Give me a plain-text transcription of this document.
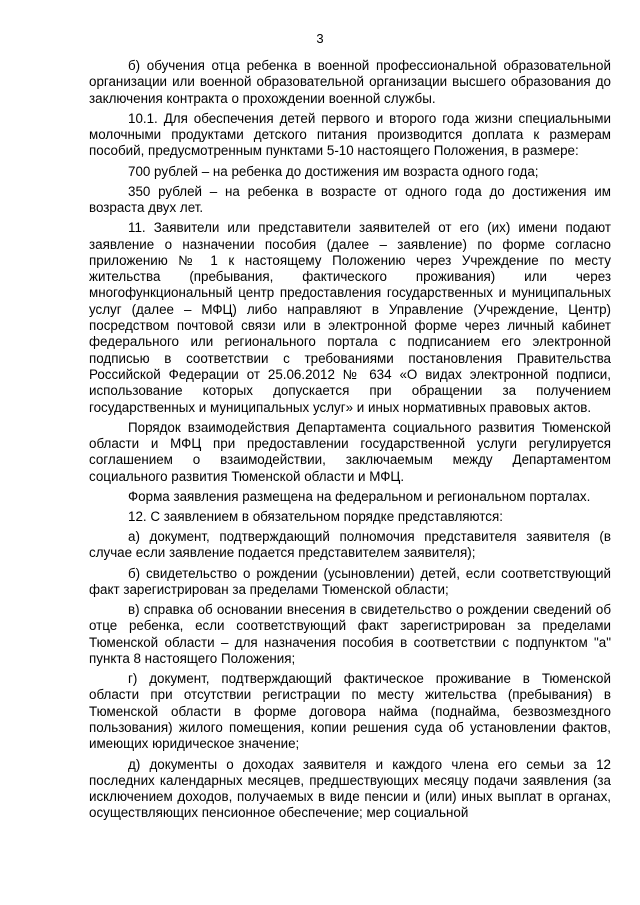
3

б) обучения отца ребенка в военной профессиональной образовательной организации или военной образовательной организации высшего образования до заключения контракта о прохождении военной службы.

10.1. Для обеспечения детей первого и второго года жизни специальными молочными продуктами детского питания производится доплата к размерам пособий, предусмотренным пунктами 5-10 настоящего Положения, в размере:

700 рублей – на ребенка до достижения им возраста одного года;

350 рублей – на ребенка в возрасте от одного года до достижения им возраста двух лет.

11. Заявители или представители заявителей от его (их) имени подают заявление о назначении пособия (далее – заявление) по форме согласно приложению № 1 к настоящему Положению через Учреждение по месту жительства (пребывания, фактического проживания) или через многофункциональный центр предоставления государственных и муниципальных услуг (далее – МФЦ) либо направляют в Управление (Учреждение, Центр) посредством почтовой связи или в электронной форме через личный кабинет федерального или регионального портала с подписанием его электронной подписью в соответствии с требованиями постановления Правительства Российской Федерации от 25.06.2012 № 634 «О видах электронной подписи, использование которых допускается при обращении за получением государственных и муниципальных услуг» и иных нормативных правовых актов.

Порядок взаимодействия Департамента социального развития Тюменской области и МФЦ при предоставлении государственной услуги регулируется соглашением о взаимодействии, заключаемым между Департаментом социального развития Тюменской области и МФЦ.

Форма заявления размещена на федеральном и региональном порталах.

12. С заявлением в обязательном порядке представляются:

а) документ, подтверждающий полномочия представителя заявителя (в случае если заявление подается представителем заявителя);

б) свидетельство о рождении (усыновлении) детей, если соответствующий факт зарегистрирован за пределами Тюменской области;

в) справка об основании внесения в свидетельство о рождении сведений об отце ребенка, если соответствующий факт зарегистрирован за пределами Тюменской области – для назначения пособия в соответствии с подпунктом "а" пункта 8 настоящего Положения;

г) документ, подтверждающий фактическое проживание в Тюменской области при отсутствии регистрации по месту жительства (пребывания) в Тюменской области в форме договора найма (поднайма, безвозмездного пользования) жилого помещения, копии решения суда об установлении фактов, имеющих юридическое значение;

д) документы о доходах заявителя и каждого члена его семьи за 12 последних календарных месяцев, предшествующих месяцу подачи заявления (за исключением доходов, получаемых в виде пенсии и (или) иных выплат в органах, осуществляющих пенсионное обеспечение; мер социальной
